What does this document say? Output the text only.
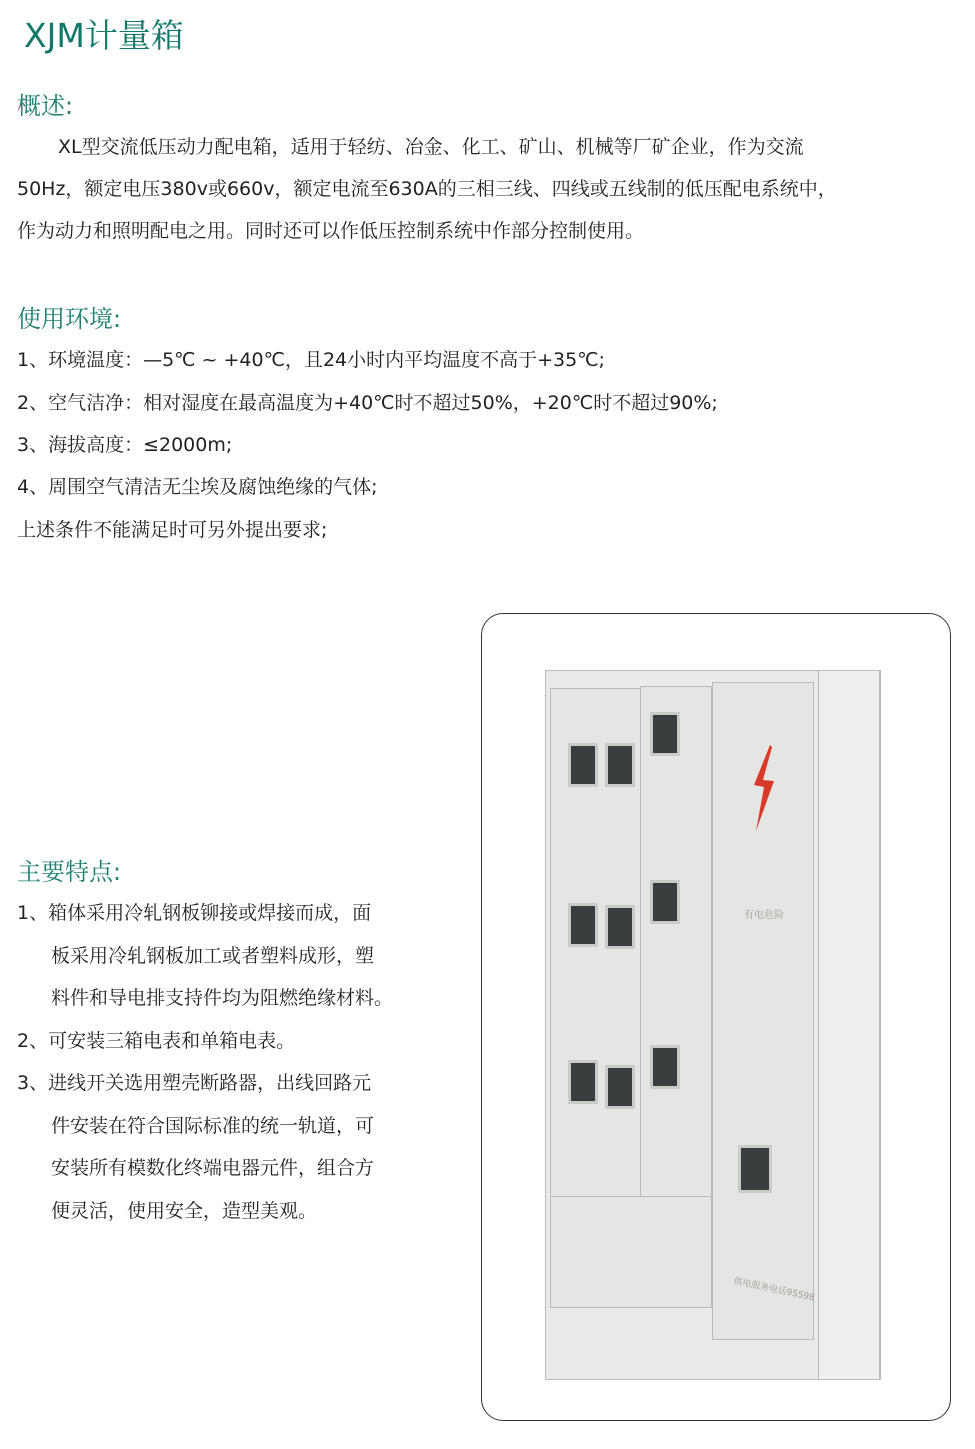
XJM计量箱
概述:
XL型交流低压动力配电箱，适用于轻纺、冶金、化工、矿山、机械等厂矿企业，作为交流
50Hz，额定电压380v或660v，额定电流至630A的三相三线、四线或五线制的低压配电系统中，
作为动力和照明配电之用。同时还可以作低压控制系统中作部分控制使用。
使用环境:
1、环境温度：—5℃ ~ +40℃，且24小时内平均温度不高于+35℃;
2、空气洁净：相对湿度在最高温度为+40℃时不超过50%，+20℃时不超过90%;
3、海拔高度：≤2000m;
4、周围空气清洁无尘埃及腐蚀绝缘的气体;
上述条件不能满足时可另外提出要求;
主要特点:
1、箱体采用冷轧钢板铆接或焊接而成，面
板采用冷轧钢板加工或者塑料成形，塑
料件和导电排支持件均为阻燃绝缘材料。
2、可安装三箱电表和单箱电表。
3、进线开关选用塑壳断路器，出线回路元
件安装在符合国际标准的统一轨道，可
安装所有模数化终端电器元件，组合方
便灵活，使用安全，造型美观。
有电危险
供电服务电话95598
